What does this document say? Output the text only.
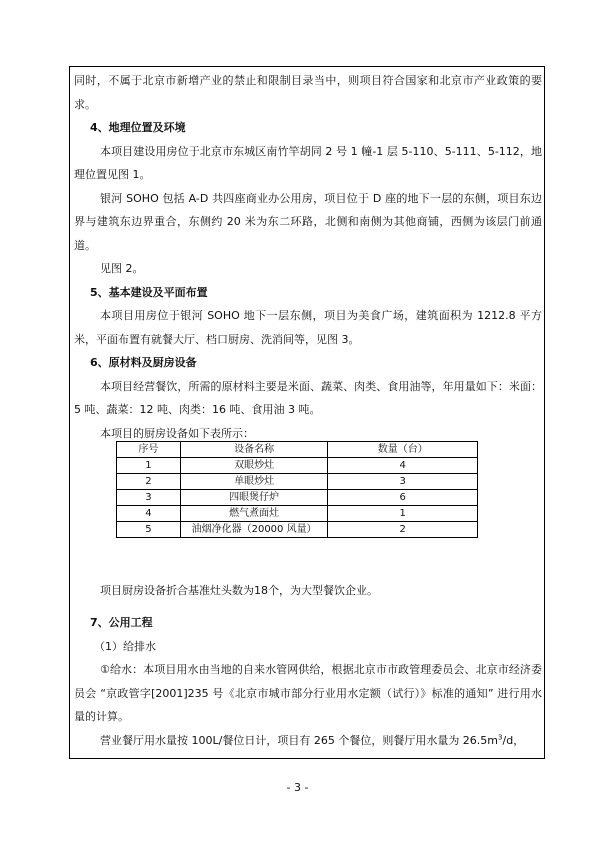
同时，不属于北京市新增产业的禁止和限制目录当中，则项目符合国家和北京市产业政策的要求。

4、地理位置及环境

本项目建设用房位于北京市东城区南竹竿胡同 2 号 1 幢-1 层 5-110、5-111、5-112，地理位置见图 1。

银河 SOHO 包括 A-D 共四座商业办公用房，项目位于 D 座的地下一层的东侧，项目东边界与建筑东边界重合，东侧约 20 米为东二环路，北侧和南侧为其他商铺，西侧为该层门前通道。

见图 2。

5、基本建设及平面布置

本项目用房位于银河 SOHO 地下一层东侧，项目为美食广场，建筑面积为 1212.8 平方米，平面布置有就餐大厅、档口厨房、洗消间等，见图 3。

6、原材料及厨房设备

本项目经营餐饮，所需的原材料主要是米面、蔬菜、肉类、食用油等，年用量如下：米面：5 吨、蔬菜：12 吨、肉类：16 吨、食用油 3 吨。

本项目的厨房设备如下表所示：

序号	设备名称	数量（台）
1	双眼炒灶	4
2	单眼炒灶	3
3	四眼煲仔炉	6
4	燃气煮面灶	1
5	油烟净化器（20000 风量）	2

项目厨房设备折合基准灶头数为18个，为大型餐饮企业。

7、公用工程

（1）给排水

①给水：本项目用水由当地的自来水管网供给，根据北京市市政管理委员会、北京市经济委员会 “京政管字[2001]235 号《北京市城市部分行业用水定额（试行）》标准的通知” 进行用水量的计算。

营业餐厅用水量按 100L/餐位日计，项目有 265 个餐位，则餐厅用水量为 $26.5m^3/d$，

- 3 -
